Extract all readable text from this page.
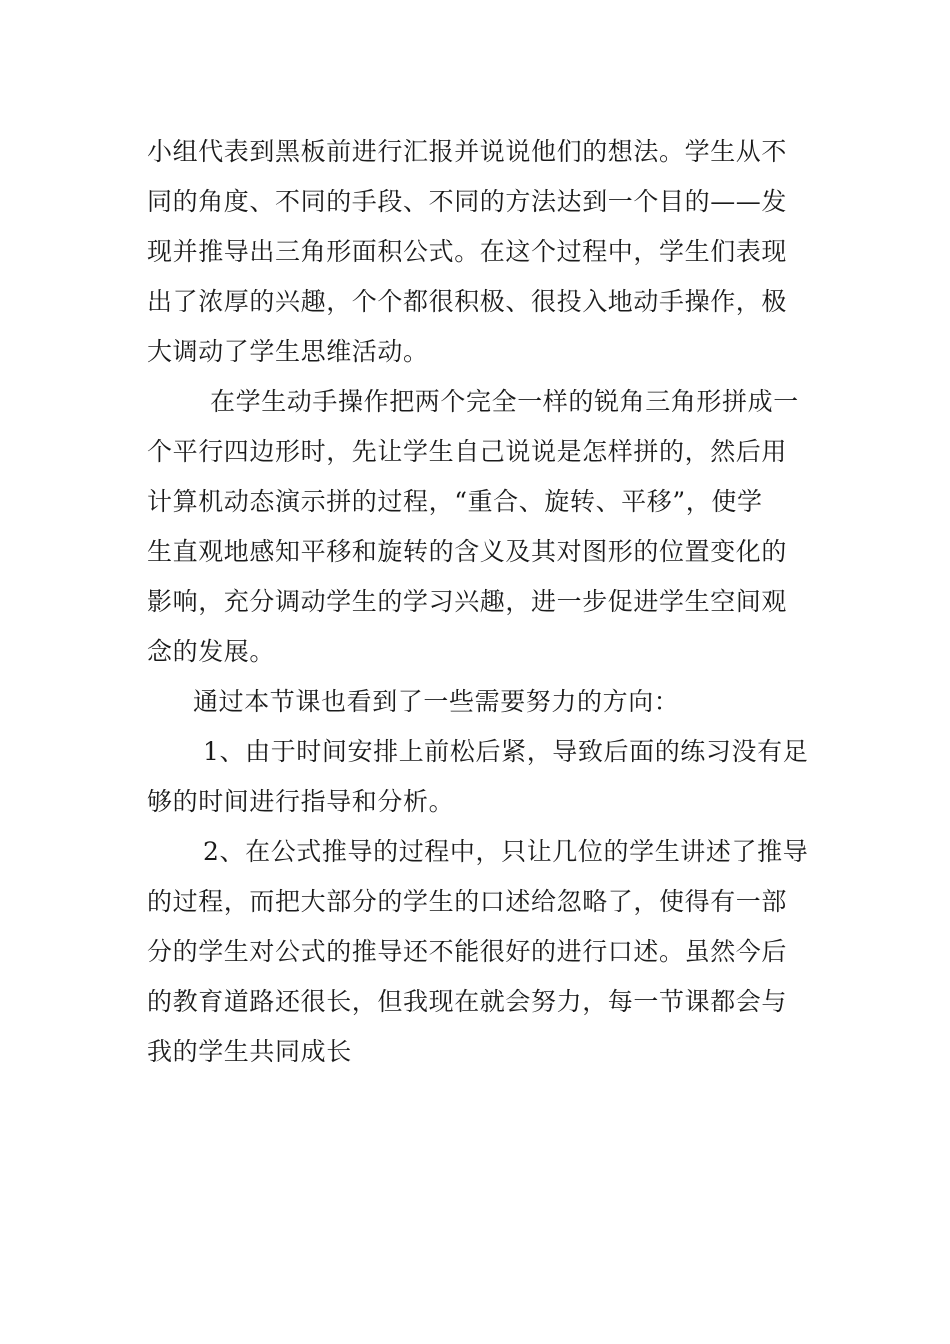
小组代表到黑板前进行汇报并说说他们的想法。学生从不
同的角度、不同的手段、不同的方法达到一个目的——发
现并推导出三角形面积公式。在这个过程中，学生们表现
出了浓厚的兴趣，个个都很积极、很投入地动手操作，极
大调动了学生思维活动。
在学生动手操作把两个完全一样的锐角三角形拼成一
个平行四边形时，先让学生自己说说是怎样拼的，然后用
计算机动态演示拼的过程，“重合、旋转、平移”，使学
生直观地感知平移和旋转的含义及其对图形的位置变化的
影响，充分调动学生的学习兴趣，进一步促进学生空间观
念的发展。
通过本节课也看到了一些需要努力的方向：
1、由于时间安排上前松后紧，导致后面的练习没有足
够的时间进行指导和分析。
2、在公式推导的过程中，只让几位的学生讲述了推导
的过程，而把大部分的学生的口述给忽略了，使得有一部
分的学生对公式的推导还不能很好的进行口述。虽然今后
的教育道路还很长，但我现在就会努力，每一节课都会与
我的学生共同成长
